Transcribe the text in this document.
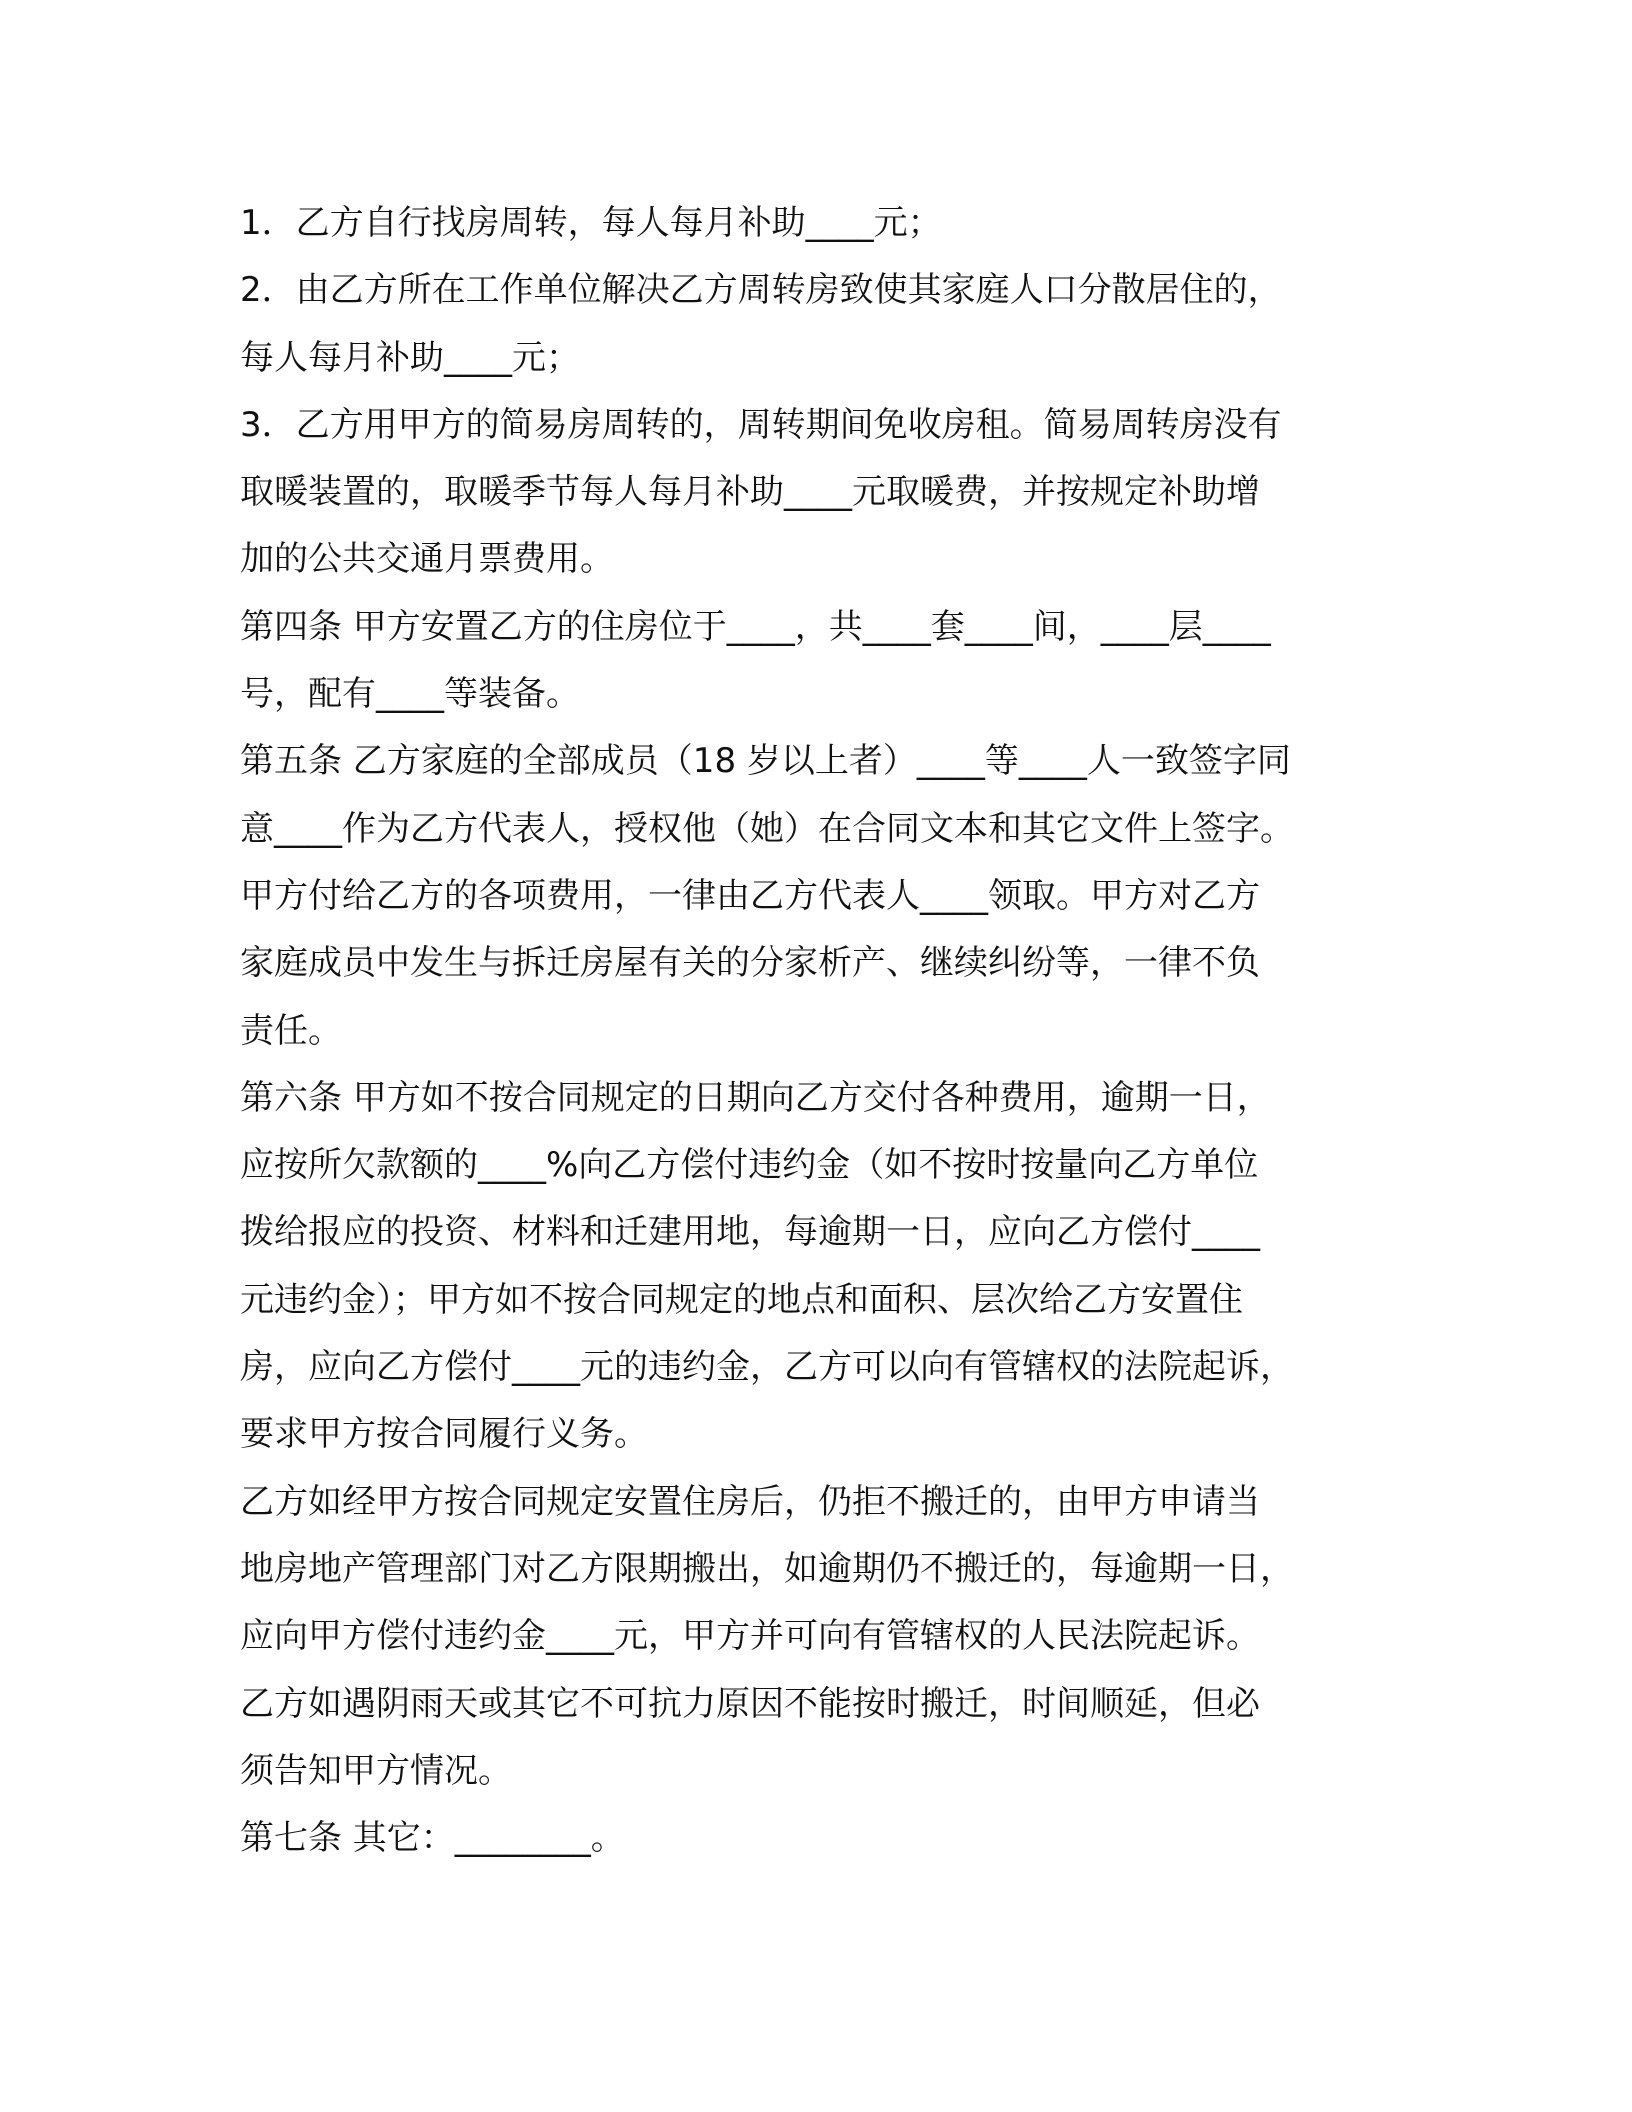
1．乙方自行找房周转，每人每月补助____元；
2．由乙方所在工作单位解决乙方周转房致使其家庭人口分散居住的，
每人每月补助____元；
3．乙方用甲方的简易房周转的，周转期间免收房租。简易周转房没有
取暖装置的，取暖季节每人每月补助____元取暖费，并按规定补助增
加的公共交通月票费用。
第四条 甲方安置乙方的住房位于____，共____套____间，____层____
号，配有____等装备。
第五条 乙方家庭的全部成员（18 岁以上者）____等____人一致签字同
意____作为乙方代表人，授权他（她）在合同文本和其它文件上签字。
甲方付给乙方的各项费用，一律由乙方代表人____领取。甲方对乙方
家庭成员中发生与拆迁房屋有关的分家析产、继续纠纷等，一律不负
责任。
第六条 甲方如不按合同规定的日期向乙方交付各种费用，逾期一日，
应按所欠款额的____%向乙方偿付违约金（如不按时按量向乙方单位
拨给报应的投资、材料和迁建用地，每逾期一日，应向乙方偿付____
元违约金）；甲方如不按合同规定的地点和面积、层次给乙方安置住
房，应向乙方偿付____元的违约金，乙方可以向有管辖权的法院起诉，
要求甲方按合同履行义务。
乙方如经甲方按合同规定安置住房后，仍拒不搬迁的，由甲方申请当
地房地产管理部门对乙方限期搬出，如逾期仍不搬迁的，每逾期一日，
应向甲方偿付违约金____元，甲方并可向有管辖权的人民法院起诉。
乙方如遇阴雨天或其它不可抗力原因不能按时搬迁，时间顺延，但必
须告知甲方情况。
第七条 其它：________。
